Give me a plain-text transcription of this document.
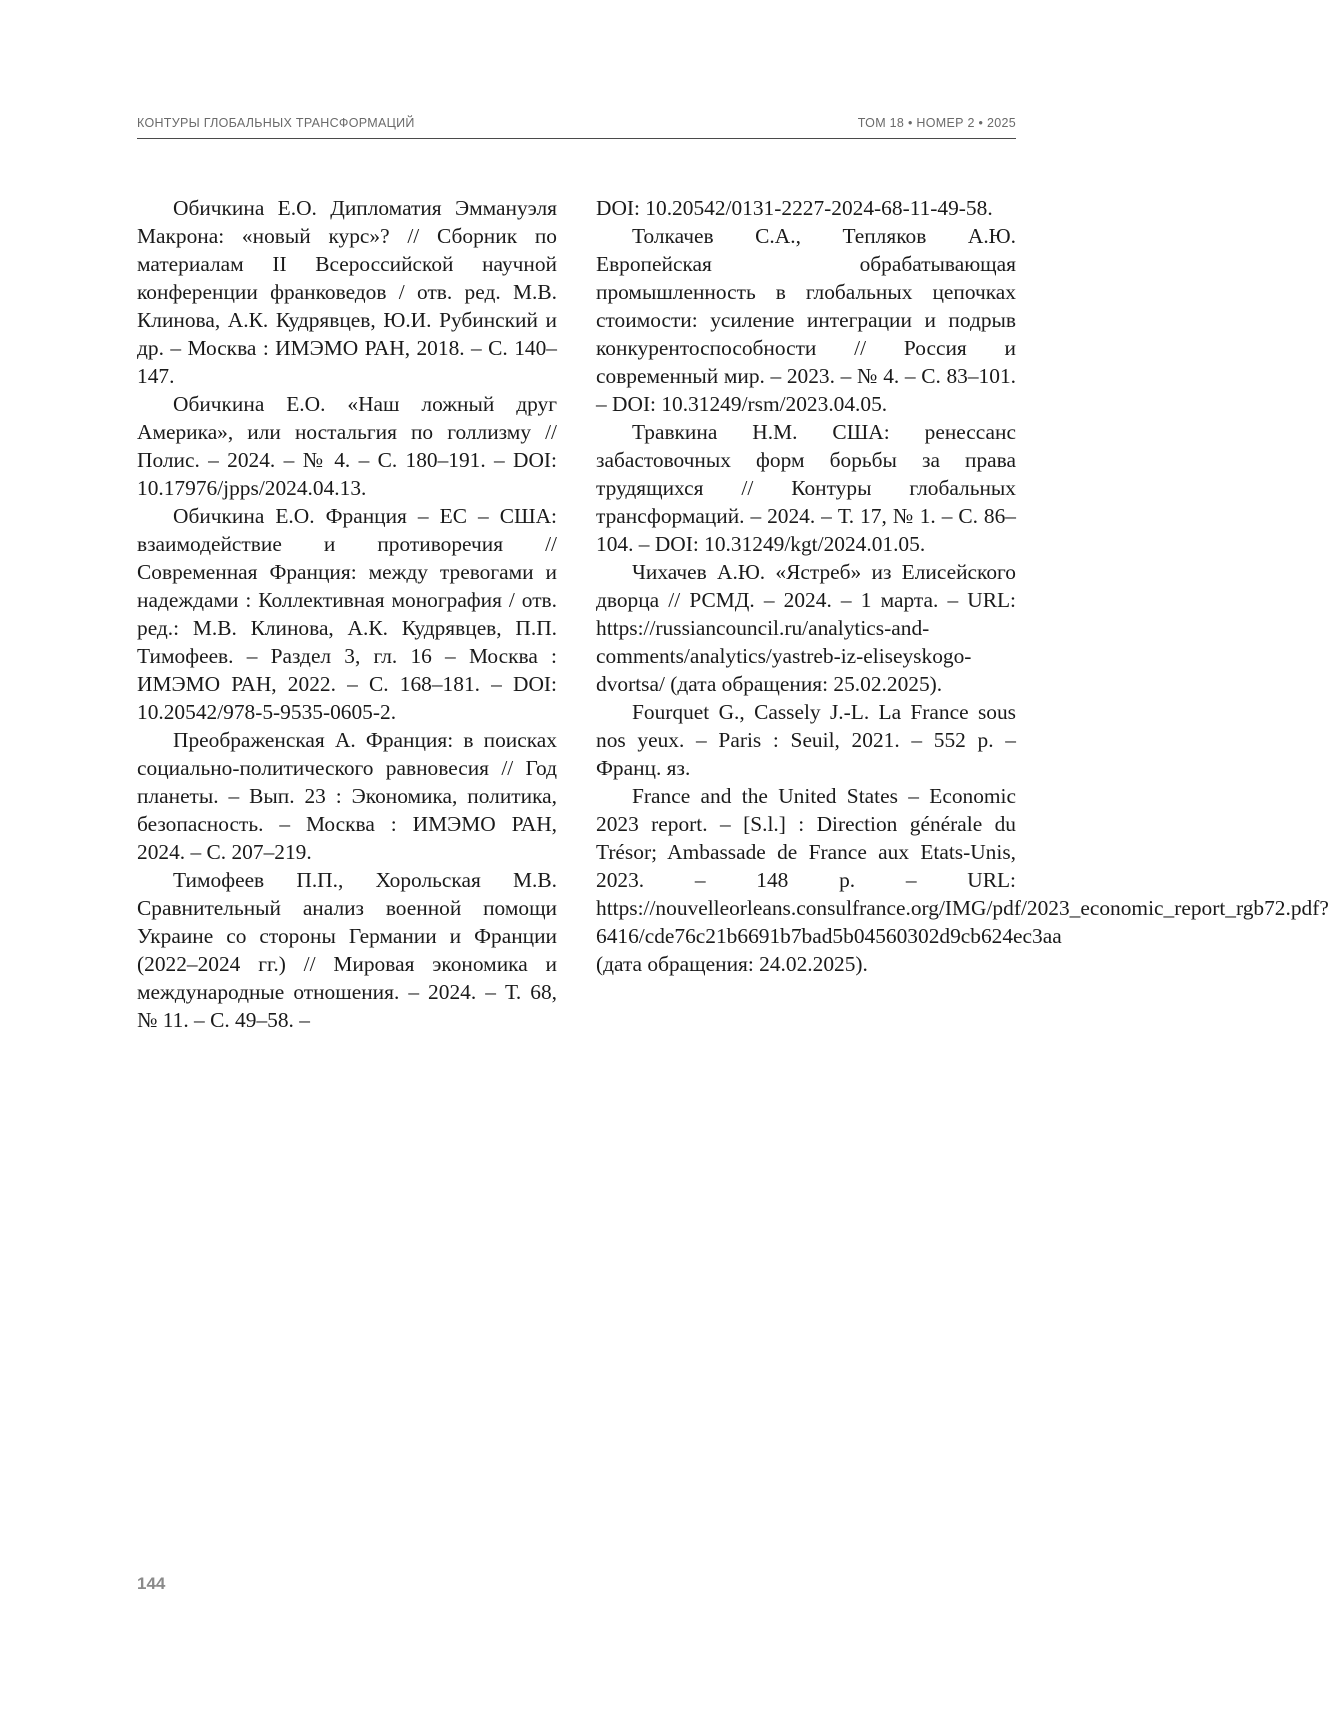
КОНТУРЫ ГЛОБАЛЬНЫХ ТРАНСФОРМАЦИЙ	ТОМ 18 • НОМЕР 2 • 2025

Обичкина Е.О. Дипломатия Эммануэля Макрона: «новый курс»? // Сборник по материалам II Всероссийской научной конференции франковедов / отв. ред. М.В. Клинова, А.К. Кудрявцев, Ю.И. Рубинский и др. – Москва : ИМЭМО РАН, 2018. – С. 140–147.

Обичкина Е.О. «Наш ложный друг Америка», или ностальгия по голлизму // Полис. – 2024. – № 4. – С. 180–191. – DOI: 10.17976/jpps/2024.04.13.

Обичкина Е.О. Франция – ЕС – США: взаимодействие и противоречия // Современная Франция: между тревогами и надеждами : Коллективная монография / отв. ред.: М.В. Клинова, А.К. Кудрявцев, П.П. Тимофеев. – Раздел 3, гл. 16 – Москва : ИМЭМО РАН, 2022. – С. 168–181. – DOI: 10.20542/978-5-9535-0605-2.

Преображенская А. Франция: в поисках социально-политического равновесия // Год планеты. – Вып. 23 : Экономика, политика, безопасность. – Москва : ИМЭМО РАН, 2024. – С. 207–219.

Тимофеев П.П., Хорольская М.В. Сравнительный анализ военной помощи Украине со стороны Германии и Франции (2022–2024 гг.) // Мировая экономика и международные отношения. – 2024. – Т. 68, № 11. – С. 49–58. –

DOI: 10.20542/0131-2227-2024-68-11-49-58.

Толкачев С.А., Тепляков А.Ю. Европейская обрабатывающая промышленность в глобальных цепочках стоимости: усиление интеграции и подрыв конкурентоспособности // Россия и современный мир. – 2023. – № 4. – С. 83–101. – DOI: 10.31249/rsm/2023.04.05.

Травкина Н.М. США: ренессанс забастовочных форм борьбы за права трудящихся // Контуры глобальных трансформаций. – 2024. – Т. 17, № 1. – С. 86–104. – DOI: 10.31249/kgt/2024.01.05.

Чихачев А.Ю. «Ястреб» из Елисейского дворца // РСМД. – 2024. – 1 марта. – URL: https://russiancouncil.ru/analytics-and-comments/analytics/yastreb-iz-eliseyskogo-dvortsa/ (дата обращения: 25.02.2025).

Fourquet G., Cassely J.-L. La France sous nos yeux. – Paris : Seuil, 2021. – 552 p. – Франц. яз.

France and the United States – Economic 2023 report. – [S.l.] : Direction générale du Trésor; Ambassade de France aux Etats-Unis, 2023. – 148 p. – URL: https://nouvelleorleans.consulfrance.org/IMG/pdf/2023_economic_report_rgb72.pdf?6416/cde76c21b6691b7bad5b04560302d9cb624ec3aa (дата обращения: 24.02.2025).

144
